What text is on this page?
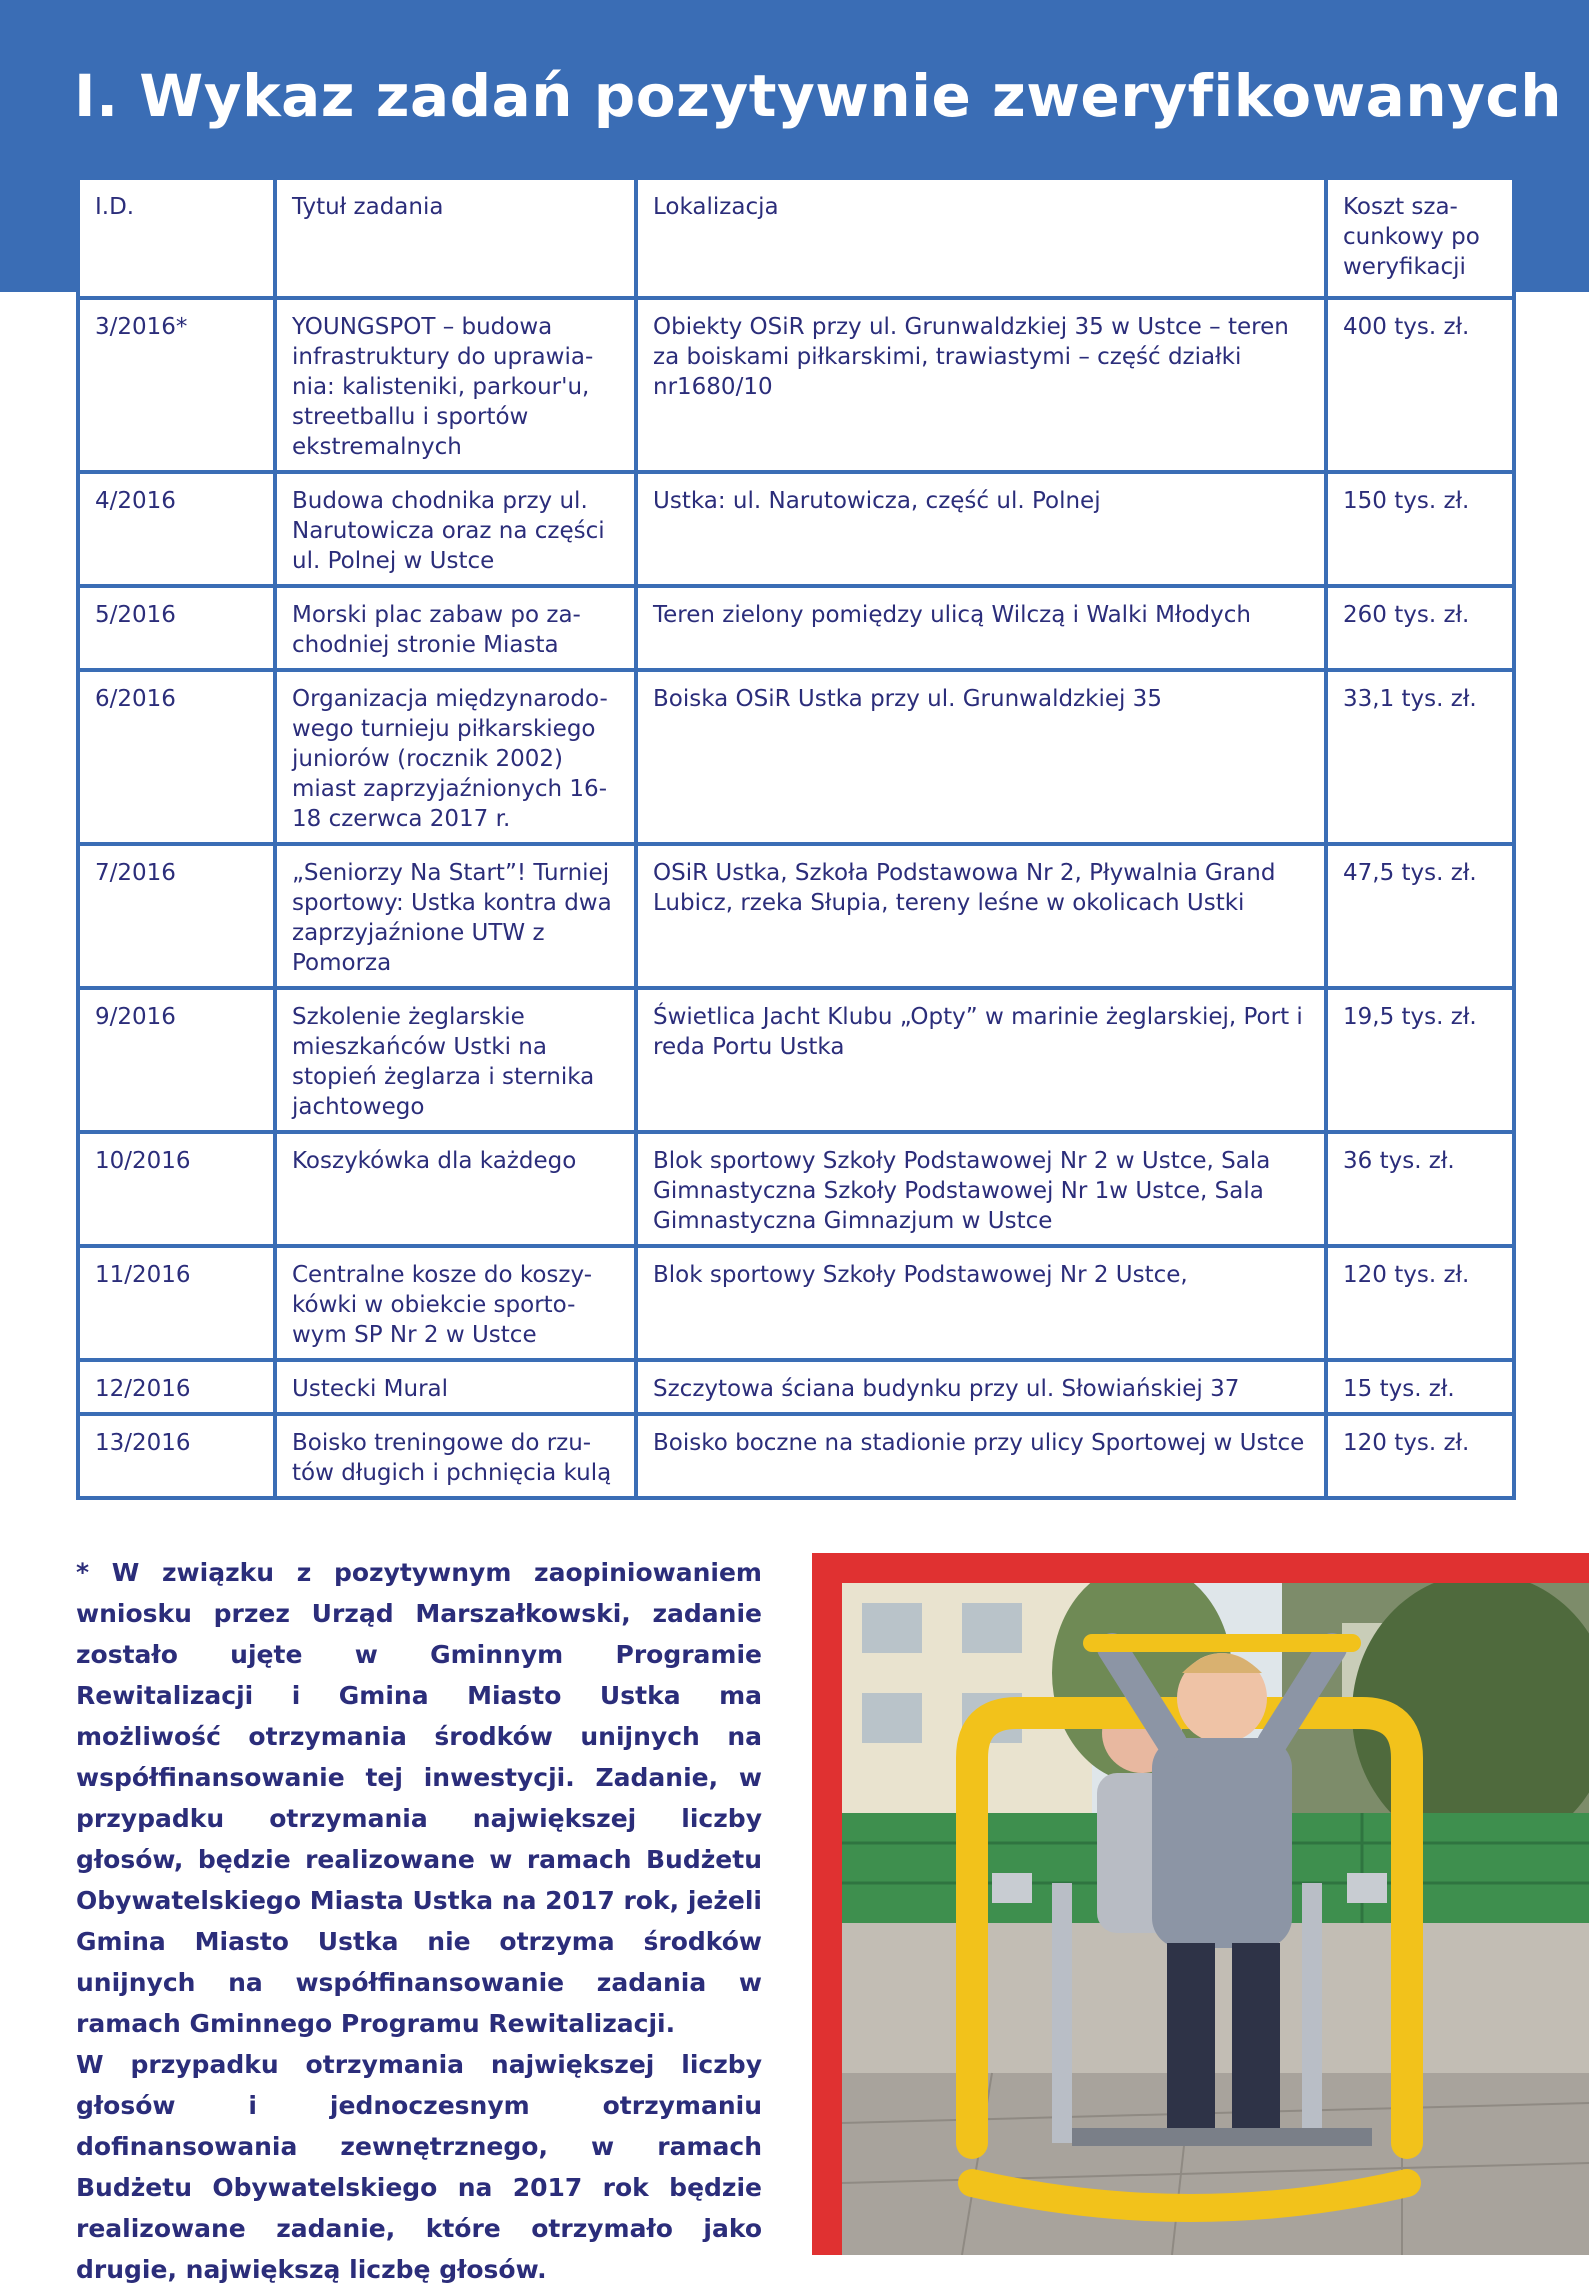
I. Wykaz zadań pozytywnie zweryfikowanych
I.D.	Tytuł zadania	Lokalizacja	Koszt sza-cunkowy po weryfikacji
3/2016*	YOUNGSPOT – budowa infrastruktury do uprawia-nia: kalisteniki, parkour'u, streetballu i sportów ekstremalnych	Obiekty OSiR przy ul. Grunwaldzkiej 35 w Ustce – teren za boiskami piłkarskimi, trawiastymi – część działki nr1680/10	400 tys. zł.
4/2016	Budowa chodnika przy ul. Narutowicza oraz na części ul. Polnej w Ustce	Ustka: ul. Narutowicza, część ul. Polnej	150 tys. zł.
5/2016	Morski plac zabaw po za-chodniej stronie Miasta	Teren zielony pomiędzy ulicą Wilczą i Walki Młodych	260 tys. zł.
6/2016	Organizacja międzynarodo-wego turnieju piłkarskiego juniorów (rocznik 2002) miast zaprzyjaźnionych 16-18 czerwca 2017 r.	Boiska OSiR Ustka przy ul. Grunwaldzkiej 35	33,1 tys. zł.
7/2016	„Seniorzy Na Start”! Turniej sportowy: Ustka kontra dwa zaprzyjaźnione UTW z Pomorza	OSiR Ustka, Szkoła Podstawowa Nr 2, Pływalnia Grand Lubicz, rzeka Słupia, tereny leśne w okolicach Ustki	47,5 tys. zł.
9/2016	Szkolenie żeglarskie mieszkańców Ustki na stopień żeglarza i sternika jachtowego	Świetlica Jacht Klubu „Opty” w marinie żeglarskiej, Port i reda Portu Ustka	19,5 tys. zł.
10/2016	Koszykówka dla każdego	Blok sportowy Szkoły Podstawowej Nr 2 w Ustce, Sala Gimnastyczna Szkoły Podstawowej Nr 1w Ustce, Sala Gimnastyczna Gimnazjum w Ustce	36 tys. zł.
11/2016	Centralne kosze do koszy-kówki w obiekcie sporto-wym SP Nr 2 w Ustce	Blok sportowy Szkoły Podstawowej Nr 2 Ustce,	120 tys. zł.
12/2016	Ustecki Mural	Szczytowa ściana budynku przy ul. Słowiańskiej 37	15 tys. zł.
13/2016	Boisko treningowe do rzu-tów długich i pchnięcia kulą	Boisko boczne na stadionie przy ulicy Sportowej w Ustce	120 tys. zł.

* W związku z pozytywnym zaopiniowaniem wniosku przez Urząd Marszałkowski, zadanie zostało ujęte w Gminnym Programie Rewitalizacji i Gmina Miasto Ustka ma możliwość otrzymania środków unijnych na współfinansowanie tej inwestycji. Zadanie, w przypadku otrzymania największej liczby głosów, będzie realizowane w ramach Budżetu Obywatelskiego Miasta Ustka na 2017 rok, jeżeli Gmina Miasto Ustka nie otrzyma środków unijnych na współfinansowanie zadania w ramach Gminnego Programu Rewitalizacji.

W przypadku otrzymania największej liczby głosów i jednoczesnym otrzymaniu dofinansowania zewnętrznego, w ramach Budżetu Obywatelskiego na 2017 rok będzie realizowane zadanie, które otrzymało jako drugie, największą liczbę głosów.
